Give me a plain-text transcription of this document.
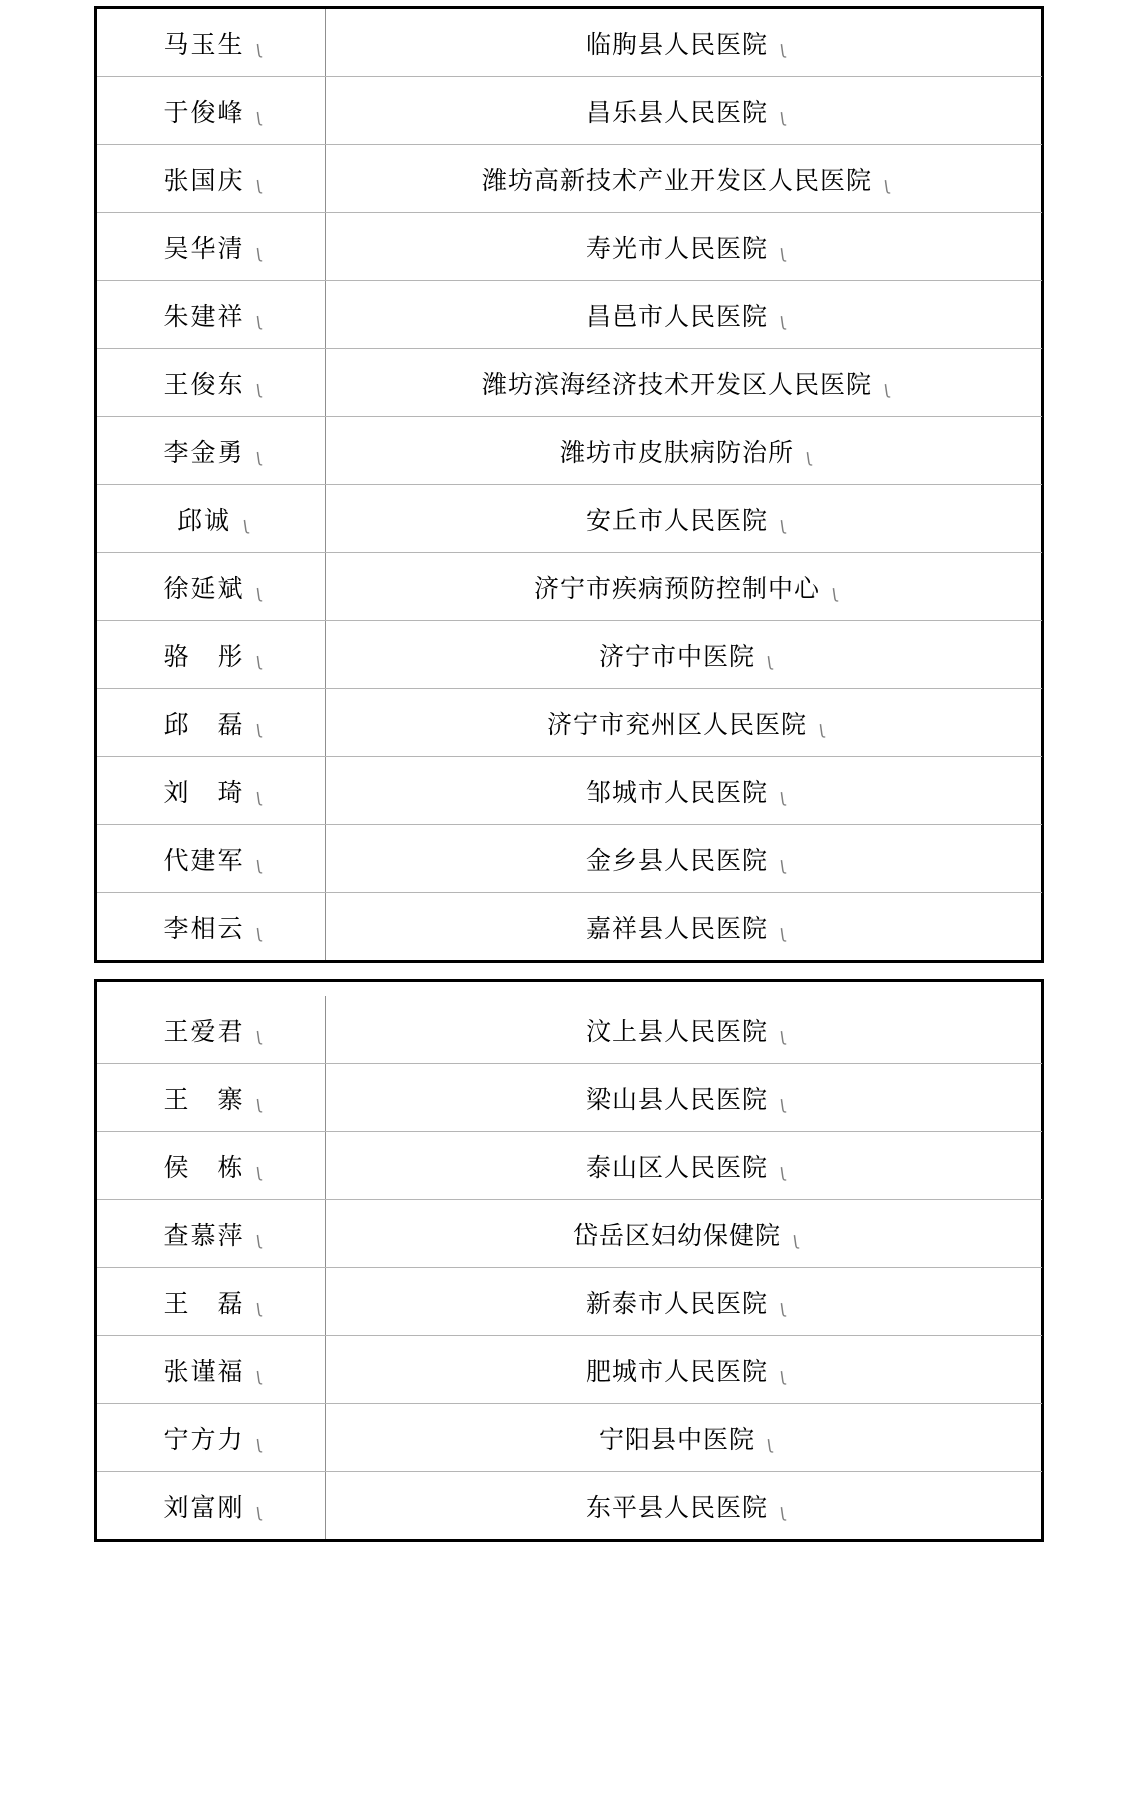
马玉生 J	临朐县人民医院 J
于俊峰 J	昌乐县人民医院 J
张国庆 J	潍坊高新技术产业开发区人民医院 J
吴华清 J	寿光市人民医院 J
朱建祥 J	昌邑市人民医院 J
王俊东 J	潍坊滨海经济技术开发区人民医院 J
李金勇 J	潍坊市皮肤病防治所 J
邱诚 J	安丘市人民医院 J
徐延斌 J	济宁市疾病预防控制中心 J
骆　彤 J	济宁市中医院 J
邱　磊 J	济宁市兖州区人民医院 J
刘　琦 J	邹城市人民医院 J
代建军 J	金乡县人民医院 J
李相云 J	嘉祥县人民医院 J
王爱君 J	汶上县人民医院 J
王　寨 J	梁山县人民医院 J
侯　栋 J	泰山区人民医院 J
查慕萍 J	岱岳区妇幼保健院 J
王　磊 J	新泰市人民医院 J
张谨福 J	肥城市人民医院 J
宁方力 J	宁阳县中医院 J
刘富刚 J	东平县人民医院 J
